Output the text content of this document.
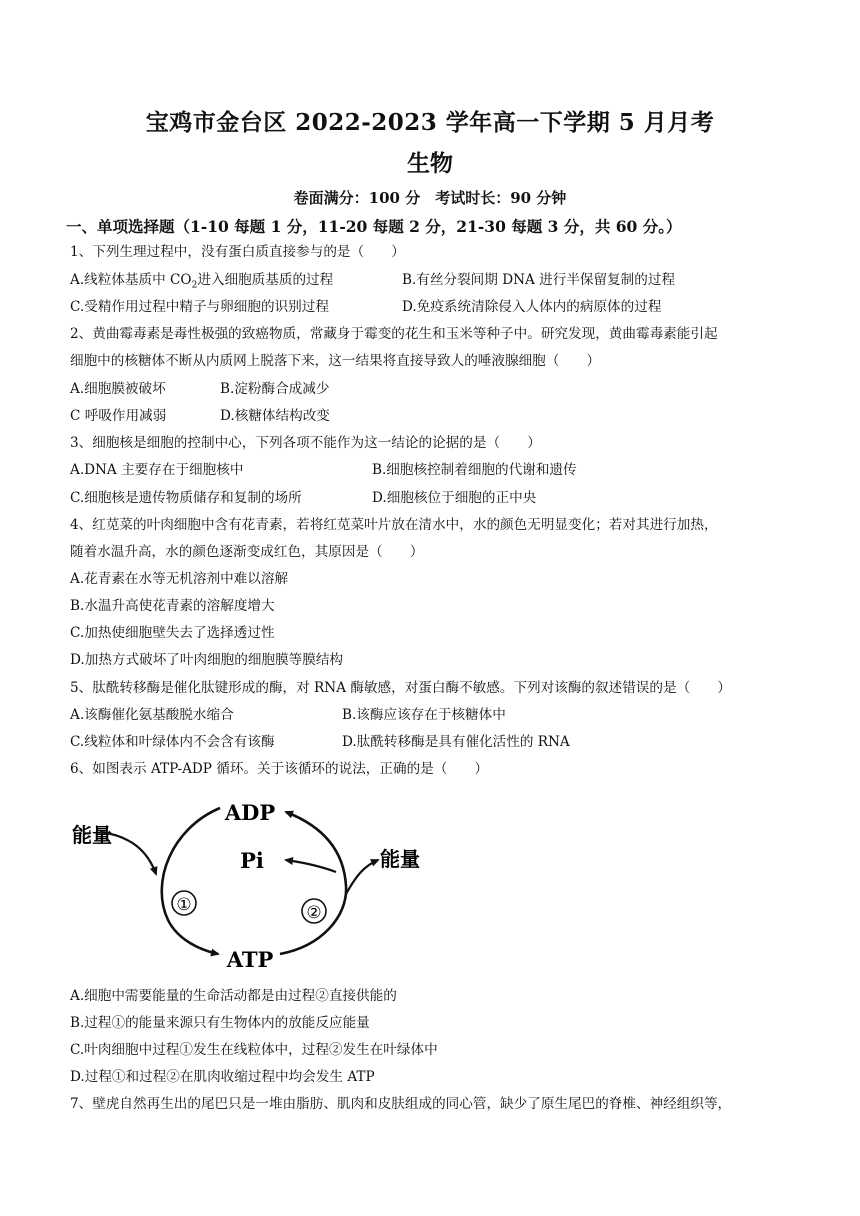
宝鸡市金台区 2022-2023 学年高一下学期 5 月月考
生物
卷面满分：100 分　考试时长：90 分钟
一、单项选择题（1-10 每题 1 分，11-20 每题 2 分，21-30 每题 3 分，共 60 分。）
1、下列生理过程中，没有蛋白质直接参与的是（　　）
A.线粒体基质中 $CO_2$进入细胞质基质的过程	B.有丝分裂间期 DNA 进行半保留复制的过程
C.受精作用过程中精子与卵细胞的识别过程	D.免疫系统清除侵入人体内的病原体的过程
2、黄曲霉毒素是毒性极强的致癌物质，常藏身于霉变的花生和玉米等种子中。研究发现，黄曲霉毒素能引起
细胞中的核糖体不断从内质网上脱落下来，这一结果将直接导致人的唾液腺细胞（　　）
A.细胞膜被破坏	B.淀粉酶合成减少
C 呼吸作用减弱	D.核糖体结构改变
3、细胞核是细胞的控制中心，下列各项不能作为这一结论的论据的是（　　）
A.DNA 主要存在于细胞核中	B.细胞核控制着细胞的代谢和遗传
C.细胞核是遗传物质储存和复制的场所	D.细胞核位于细胞的正中央
4、红苋菜的叶肉细胞中含有花青素，若将红苋菜叶片放在清水中，水的颜色无明显变化；若对其进行加热，
随着水温升高，水的颜色逐渐变成红色，其原因是（　　）
A.花青素在水等无机溶剂中难以溶解
B.水温升高使花青素的溶解度增大
C.加热使细胞壁失去了选择透过性
D.加热方式破坏了叶肉细胞的细胞膜等膜结构
5、肽酰转移酶是催化肽键形成的酶，对 RNA 酶敏感，对蛋白酶不敏感。下列对该酶的叙述错误的是（　　）
A.该酶催化氨基酸脱水缩合	B.该酶应该存在于核糖体中
C.线粒体和叶绿体内不会含有该酶	D.肽酰转移酶是具有催化活性的 RNA
6、如图表示 ATP-ADP 循环。关于该循环的说法，正确的是（　　）
ADP
Pi
ATP
能量
能量
①	②
A.细胞中需要能量的生命活动都是由过程②直接供能的
B.过程①的能量来源只有生物体内的放能反应能量
C.叶肉细胞中过程①发生在线粒体中，过程②发生在叶绿体中
D.过程①和过程②在肌肉收缩过程中均会发生 ATP
7、壁虎自然再生出的尾巴只是一堆由脂肪、肌肉和皮肤组成的同心管，缺少了原生尾巴的脊椎、神经组织等，
